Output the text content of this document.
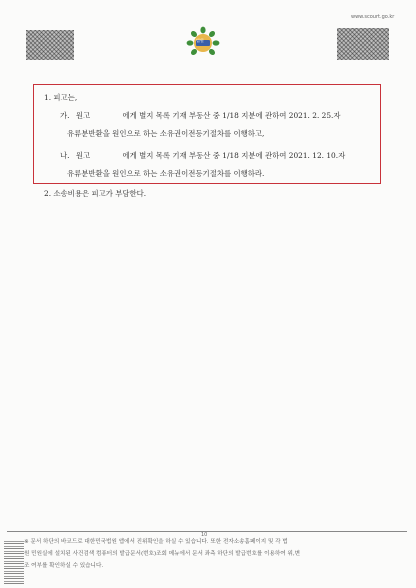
법원
www.scourt.go.kr
1. 피고는,
가. 원고	에게 별지 목록 기재 부동산 중 1/18 지분에 관하여 2021. 2. 25.자
유류분반환을 원인으로 하는 소유권이전등기절차를 이행하고,
나. 원고	에게 별지 목록 기재 부동산 중 1/18 지분에 관하여 2021. 12. 10.자
유류분반환을 원인으로 하는 소유권이전등기절차를 이행하라.
2. 소송비용은 피고가 부담한다.
10
※ 문서 하단의 바코드로 대한민국법원 앱에서 진위확인을 하실 수 있습니다. 또한 전자소송홈페이지 및 각 법
원 민원실에 설치된 사건검색 컴퓨터의 발급문서(번호)조회 메뉴에서 문서 좌측 하단의 발급번호를 이용하여 위,변
조 여부를 확인하실 수 있습니다.
